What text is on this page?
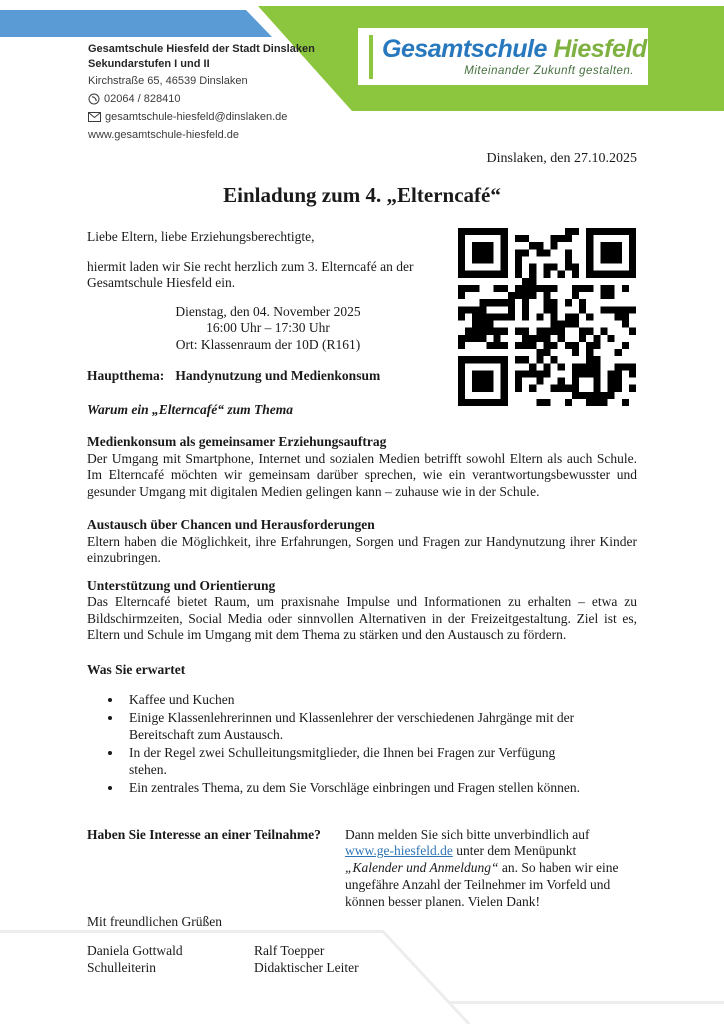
Gesamtschule Hiesfeld
Miteinander Zukunft gestalten.
Gesamtschule Hiesfeld der Stadt Dinslaken
Sekundarstufen I und II
Kirchstraße 65, 46539 Dinslaken
02064 / 828410
gesamtschule-hiesfeld@dinslaken.de
www.gesamtschule-hiesfeld.de
Dinslaken, den 27.10.2025
Einladung zum 4. „Elterncafé“

Liebe Eltern, liebe Erziehungsberechtigte,

hiermit laden wir Sie recht herzlich zum 3. Elterncafé an der Gesamtschule Hiesfeld ein.

Dienstag, den 04. November 2025
16:00 Uhr – 17:30 Uhr
Ort: Klassenraum der 10D (R161)

Hauptthema: Handynutzung und Medienkonsum

Warum ein „Elterncafé“ zum Thema

Medienkonsum als gemeinsamer Erziehungsauftrag

Der Umgang mit Smartphone, Internet und sozialen Medien betrifft sowohl Eltern als auch Schule. Im Elterncafé möchten wir gemeinsam darüber sprechen, wie ein verantwortungsbewusster und gesunder Umgang mit digitalen Medien gelingen kann – zuhause wie in der Schule.

Austausch über Chancen und Herausforderungen

Eltern haben die Möglichkeit, ihre Erfahrungen, Sorgen und Fragen zur Handynutzung ihrer Kinder einzubringen.

Unterstützung und Orientierung

Das Elterncafé bietet Raum, um praxisnahe Impulse und Informationen zu erhalten – etwa zu Bildschirmzeiten, Social Media oder sinnvollen Alternativen in der Freizeitgestaltung. Ziel ist es, Eltern und Schule im Umgang mit dem Thema zu stärken und den Austausch zu fördern.

Was Sie erwartet

• Kaffee und Kuchen
• Einige Klassenlehrerinnen und Klassenlehrer der verschiedenen Jahrgänge mit der Bereitschaft zum Austausch.
• In der Regel zwei Schulleitungsmitglieder, die Ihnen bei Fragen zur Verfügung stehen.
• Ein zentrales Thema, zu dem Sie Vorschläge einbringen und Fragen stellen können.
Haben Sie Interesse an einer Teilnahme?	Dann melden Sie sich bitte unverbindlich auf www.ge-hiesfeld.de unter dem Menüpunkt „Kalender und Anmeldung“ an. So haben wir eine ungefähre Anzahl der Teilnehmer im Vorfeld und können besser planen. Vielen Dank!

Mit freundlichen Grüßen

Daniela Gottwald
Schulleiterin
Ralf Toepper
Didaktischer Leiter
